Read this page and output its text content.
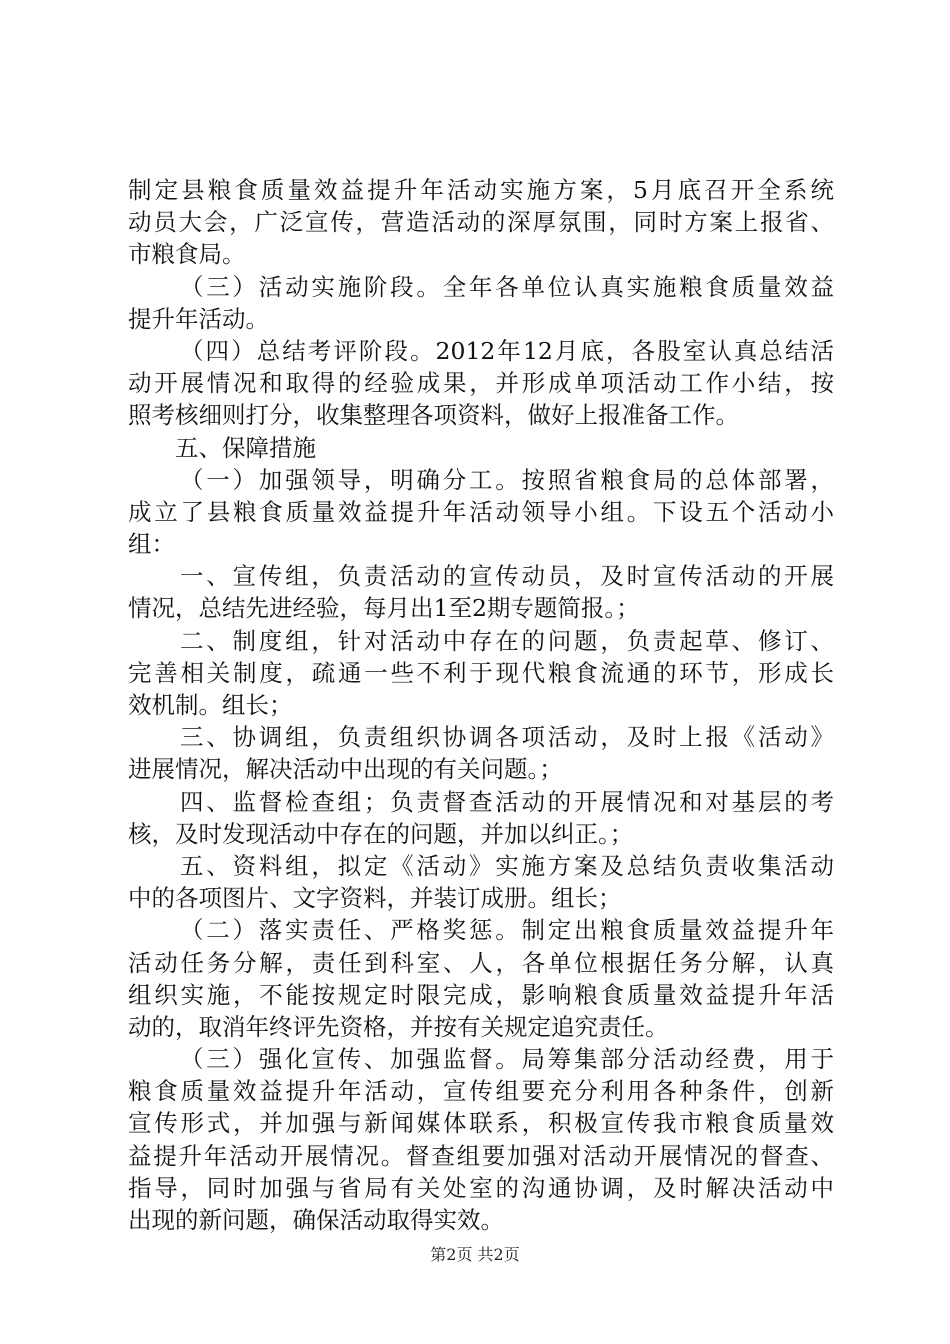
制定县粮食质量效益提升年活动实施方案，5月底召开全系统
动员大会，广泛宣传，营造活动的深厚氛围，同时方案上报省、
市粮食局。
（三）活动实施阶段。全年各单位认真实施粮食质量效益
提升年活动。
（四）总结考评阶段。2012年12月底，各股室认真总结活
动开展情况和取得的经验成果，并形成单项活动工作小结，按
照考核细则打分，收集整理各项资料，做好上报准备工作。
五、保障措施
（一）加强领导，明确分工。按照省粮食局的总体部署，
成立了县粮食质量效益提升年活动领导小组。下设五个活动小
组：
一、宣传组，负责活动的宣传动员，及时宣传活动的开展
情况，总结先进经验，每月出1至2期专题简报。；
二、制度组，针对活动中存在的问题，负责起草、修订、
完善相关制度，疏通一些不利于现代粮食流通的环节，形成长
效机制。组长；
三、协调组，负责组织协调各项活动，及时上报《活动》
进展情况，解决活动中出现的有关问题。；
四、监督检查组；负责督查活动的开展情况和对基层的考
核，及时发现活动中存在的问题，并加以纠正。；
五、资料组，拟定《活动》实施方案及总结负责收集活动
中的各项图片、文字资料，并装订成册。组长；
（二）落实责任、严格奖惩。制定出粮食质量效益提升年
活动任务分解，责任到科室、人，各单位根据任务分解，认真
组织实施，不能按规定时限完成，影响粮食质量效益提升年活
动的，取消年终评先资格，并按有关规定追究责任。
（三）强化宣传、加强监督。局筹集部分活动经费，用于
粮食质量效益提升年活动，宣传组要充分利用各种条件，创新
宣传形式，并加强与新闻媒体联系，积极宣传我市粮食质量效
益提升年活动开展情况。督查组要加强对活动开展情况的督查、
指导，同时加强与省局有关处室的沟通协调，及时解决活动中
出现的新问题，确保活动取得实效。
第2页 共2页
